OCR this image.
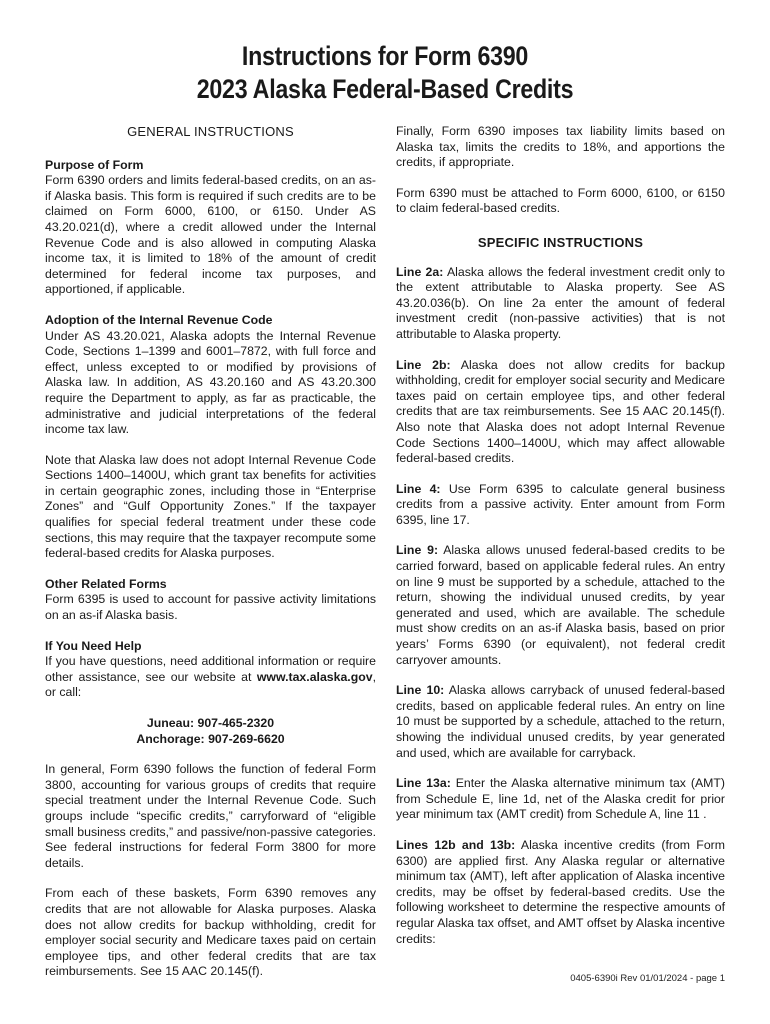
Instructions for Form 6390
2023 Alaska Federal-Based Credits
GENERAL INSTRUCTIONS
Purpose of Form
Form 6390 orders and limits federal-based credits, on an as-if Alaska basis. This form is required if such credits are to be claimed on Form 6000, 6100, or 6150. Under AS 43.20.021(d), where a credit allowed under the Internal Revenue Code and is also allowed in computing Alaska income tax, it is limited to 18% of the amount of credit determined for federal income tax purposes, and apportioned, if applicable.
Adoption of the Internal Revenue Code
Under AS 43.20.021, Alaska adopts the Internal Revenue Code, Sections 1–1399 and 6001–7872, with full force and effect, unless excepted to or modified by provisions of Alaska law. In addition, AS 43.20.160 and AS 43.20.300 require the Department to apply, as far as practicable, the administrative and judicial interpretations of the federal income tax law.

Note that Alaska law does not adopt Internal Revenue Code Sections 1400–1400U, which grant tax benefits for activities in certain geographic zones, including those in “Enterprise Zones” and “Gulf Opportunity Zones.” If the taxpayer qualifies for special federal treatment under these code sections, this may require that the taxpayer recompute some federal-based credits for Alaska purposes.

Other Related Forms
Form 6395 is used to account for passive activity limitations on an as-if Alaska basis.
If You Need Help
If you have questions, need additional information or require other assistance, see our website at www.tax.alaska.gov, or call:
Juneau: 907-465-2320
Anchorage: 907-269-6620

In general, Form 6390 follows the function of federal Form 3800, accounting for various groups of credits that require special treatment under the Internal Revenue Code. Such groups include “specific credits,” carryforward of “eligible small business credits,” and passive/non-passive categories. See federal instructions for federal Form 3800 for more details.

From each of these baskets, Form 6390 removes any credits that are not allowable for Alaska purposes. Alaska does not allow credits for backup withholding, credit for employer social security and Medicare taxes paid on certain employee tips, and other federal credits that are tax reimbursements. See 15 AAC 20.145(f).

Finally, Form 6390 imposes tax liability limits based on Alaska tax, limits the credits to 18%, and apportions the credits, if appropriate.

Form 6390 must be attached to Form 6000, 6100, or 6150 to claim federal-based credits.

SPECIFIC INSTRUCTIONS

Line 2a: Alaska allows the federal investment credit only to the extent attributable to Alaska property. See AS 43.20.036(b). On line 2a enter the amount of federal investment credit (non-passive activities) that is not attributable to Alaska property.

Line 2b: Alaska does not allow credits for backup withholding, credit for employer social security and Medicare taxes paid on certain employee tips, and other federal credits that are tax reimbursements. See 15 AAC 20.145(f). Also note that Alaska does not adopt Internal Revenue Code Sections 1400–1400U, which may affect allowable federal-based credits.

Line 4: Use Form 6395 to calculate general business credits from a passive activity. Enter amount from Form 6395, line 17.

Line 9: Alaska allows unused federal-based credits to be carried forward, based on applicable federal rules. An entry on line 9 must be supported by a schedule, attached to the return, showing the individual unused credits, by year generated and used, which are available. The schedule must show credits on an as-if Alaska basis, based on prior years’ Forms 6390 (or equivalent), not federal credit carryover amounts.

Line 10: Alaska allows carryback of unused federal-based credits, based on applicable federal rules. An entry on line 10 must be supported by a schedule, attached to the return, showing the individual unused credits, by year generated and used, which are available for carryback.

Line 13a: Enter the Alaska alternative minimum tax (AMT) from Schedule E, line 1d, net of the Alaska credit for prior year minimum tax (AMT credit) from Schedule A, line 11 .

Lines 12b and 13b: Alaska incentive credits (from Form 6300) are applied first. Any Alaska regular or alternative minimum tax (AMT), left after application of Alaska incentive credits, may be offset by federal-based credits. Use the following worksheet to determine the respective amounts of regular Alaska tax offset, and AMT offset by Alaska incentive credits:

0405-6390i Rev 01/01/2024 - page 1
